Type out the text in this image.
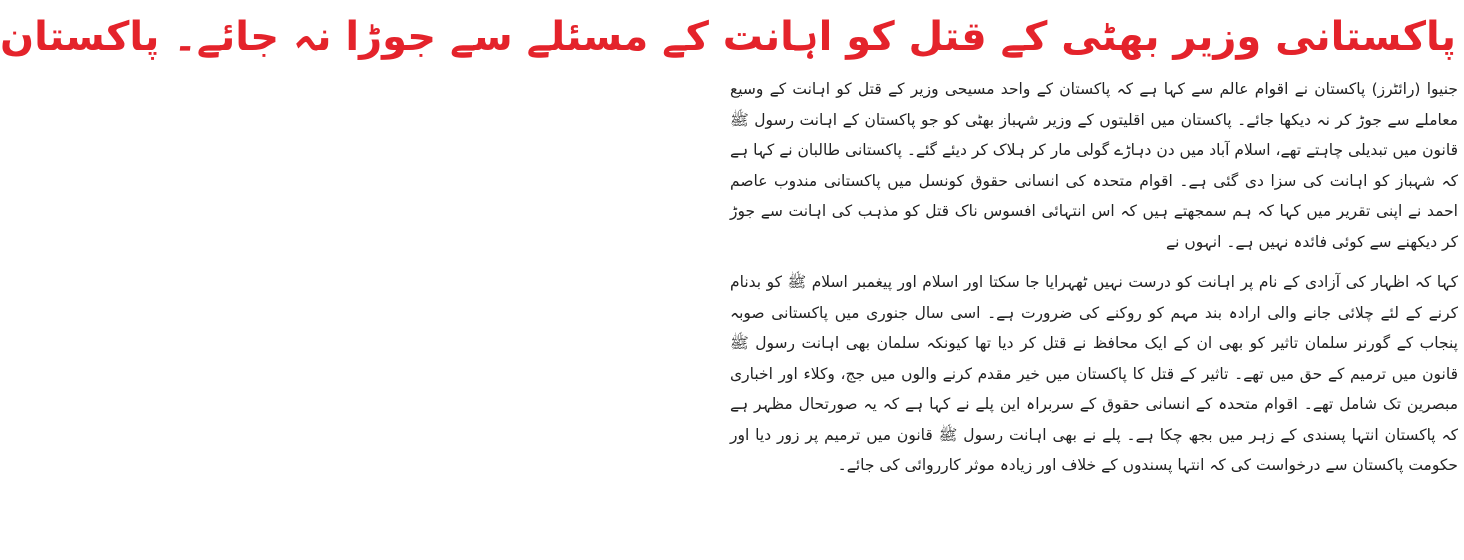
پاکستانی وزیر بھٹی کے قتل کو اہانت کے مسئلے سے جوڑا نہ جائے۔ پاکستان

جنیوا (رائٹرز) پاکستان نے اقوام عالم سے کہا ہے کہ پاکستان کے واحد مسیحی وزیر کے قتل کو اہانت کے وسیع معاملے سے جوڑ کر نہ دیکھا جائے۔ پاکستان میں اقلیتوں کے وزیر شہباز بھٹی کو جو پاکستان کے اہانت رسول ﷺ قانون میں تبدیلی چاہتے تھے، اسلام آباد میں دن دہاڑے گولی مار کر ہلاک کر دیئے گئے۔ پاکستانی طالبان نے کہا ہے کہ شہباز کو اہانت کی سزا دی گئی ہے۔ اقوام متحدہ کی انسانی حقوق کونسل میں پاکستانی مندوب عاصم احمد نے اپنی تقریر میں کہا کہ ہم سمجھتے ہیں کہ اس انتہائی افسوس ناک قتل کو مذہب کی اہانت سے جوڑ کر دیکھنے سے کوئی فائدہ نہیں ہے۔ انہوں نے

کہا کہ اظہار کی آزادی کے نام پر اہانت کو درست نہیں ٹھہرایا جا سکتا اور اسلام اور پیغمبر اسلام ﷺ کو بدنام کرنے کے لئے چلائی جانے والی ارادہ بند مہم کو روکنے کی ضرورت ہے۔ اسی سال جنوری میں پاکستانی صوبہ پنجاب کے گورنر سلمان تاثیر کو بھی ان کے ایک محافظ نے قتل کر دیا تھا کیونکہ سلمان بھی اہانت رسول ﷺ قانون میں ترمیم کے حق میں تھے۔ تاثیر کے قتل کا پاکستان میں خیر مقدم کرنے والوں میں جج، وکلاء اور اخباری مبصرین تک شامل تھے۔ اقوام متحدہ کے انسانی حقوق کے سربراہ این پلے نے کہا ہے کہ یہ صورتحال مظہر ہے کہ پاکستان انتہا پسندی کے زہر میں بجھ چکا ہے۔ پلے نے بھی اہانت رسول ﷺ قانون میں ترمیم پر زور دیا اور حکومت پاکستان سے درخواست کی کہ انتہا پسندوں کے خلاف اور زیادہ موثر کارروائی کی جائے۔
